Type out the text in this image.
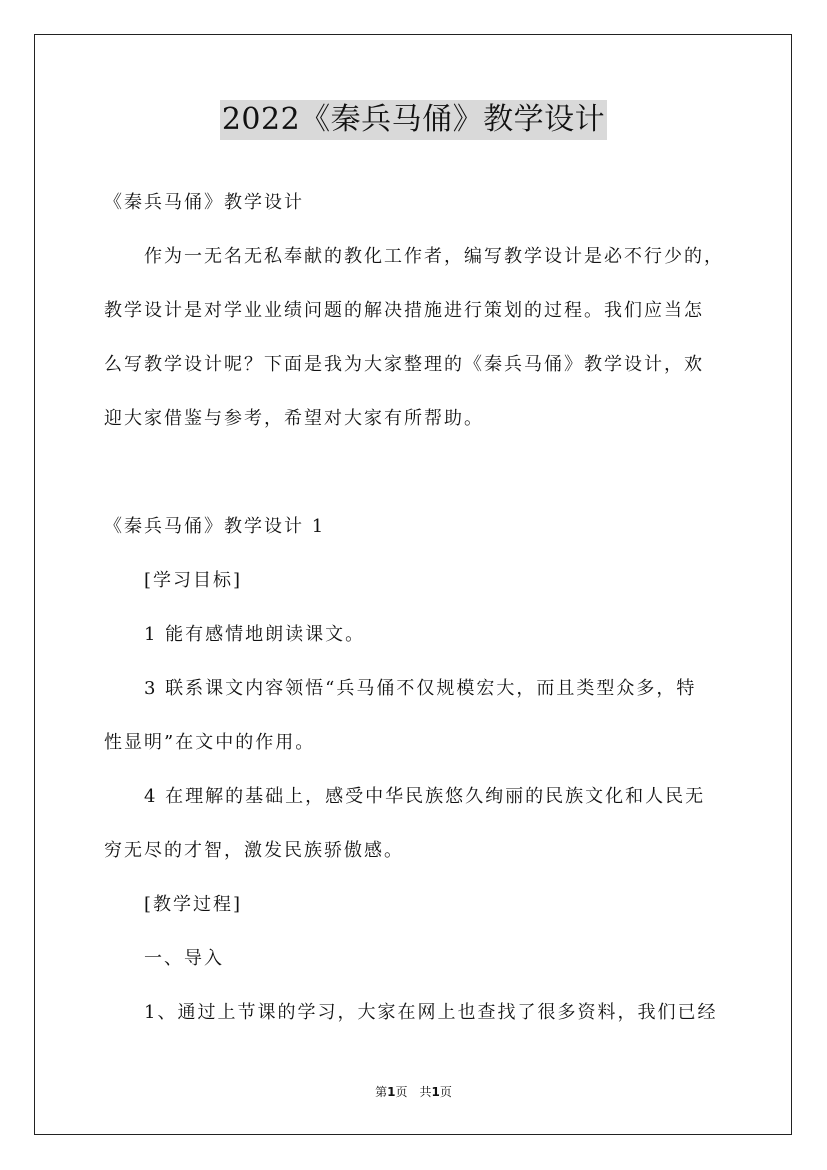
2022《秦兵马俑》教学设计

《秦兵马俑》教学设计

作为一无名无私奉献的教化工作者，编写教学设计是必不行少的，

教学设计是对学业业绩问题的解决措施进行策划的过程。我们应当怎

么写教学设计呢？下面是我为大家整理的《秦兵马俑》教学设计，欢

迎大家借鉴与参考，希望对大家有所帮助。

《秦兵马俑》教学设计 1

[学习目标]

1 能有感情地朗读课文。

3 联系课文内容领悟“兵马俑不仅规模宏大，而且类型众多，特

性显明”在文中的作用。

4 在理解的基础上，感受中华民族悠久绚丽的民族文化和人民无

穷无尽的才智，激发民族骄傲感。

[教学过程]

一、导入

1、通过上节课的学习，大家在网上也查找了很多资料，我们已经

第1页　共1页
